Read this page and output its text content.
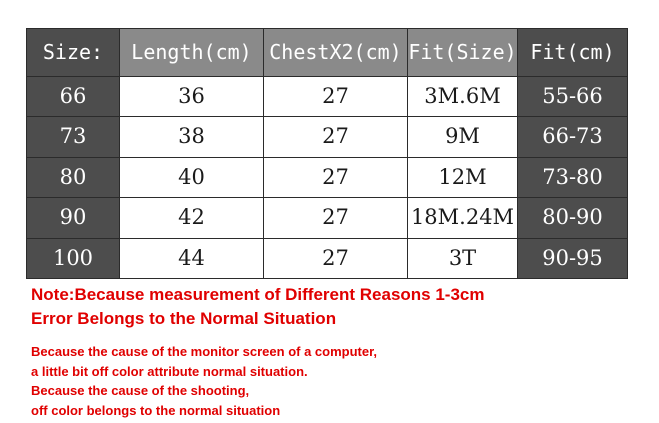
Size:	Length(cm)	ChestX2(cm)	Fit(Size)	Fit(cm)
66	36	27	3M.6M	55-66
73	38	27	9M	66-73
80	40	27	12M	73-80
90	42	27	18M.24M	80-90
100	44	27	3T	90-95
Note:Because measurement of Different Reasons 1-3cm
Error Belongs to the Normal Situation
Because the cause of the monitor screen of a computer,
a little bit off color attribute normal situation.
Because the cause of the shooting,
off color belongs to the normal situation
